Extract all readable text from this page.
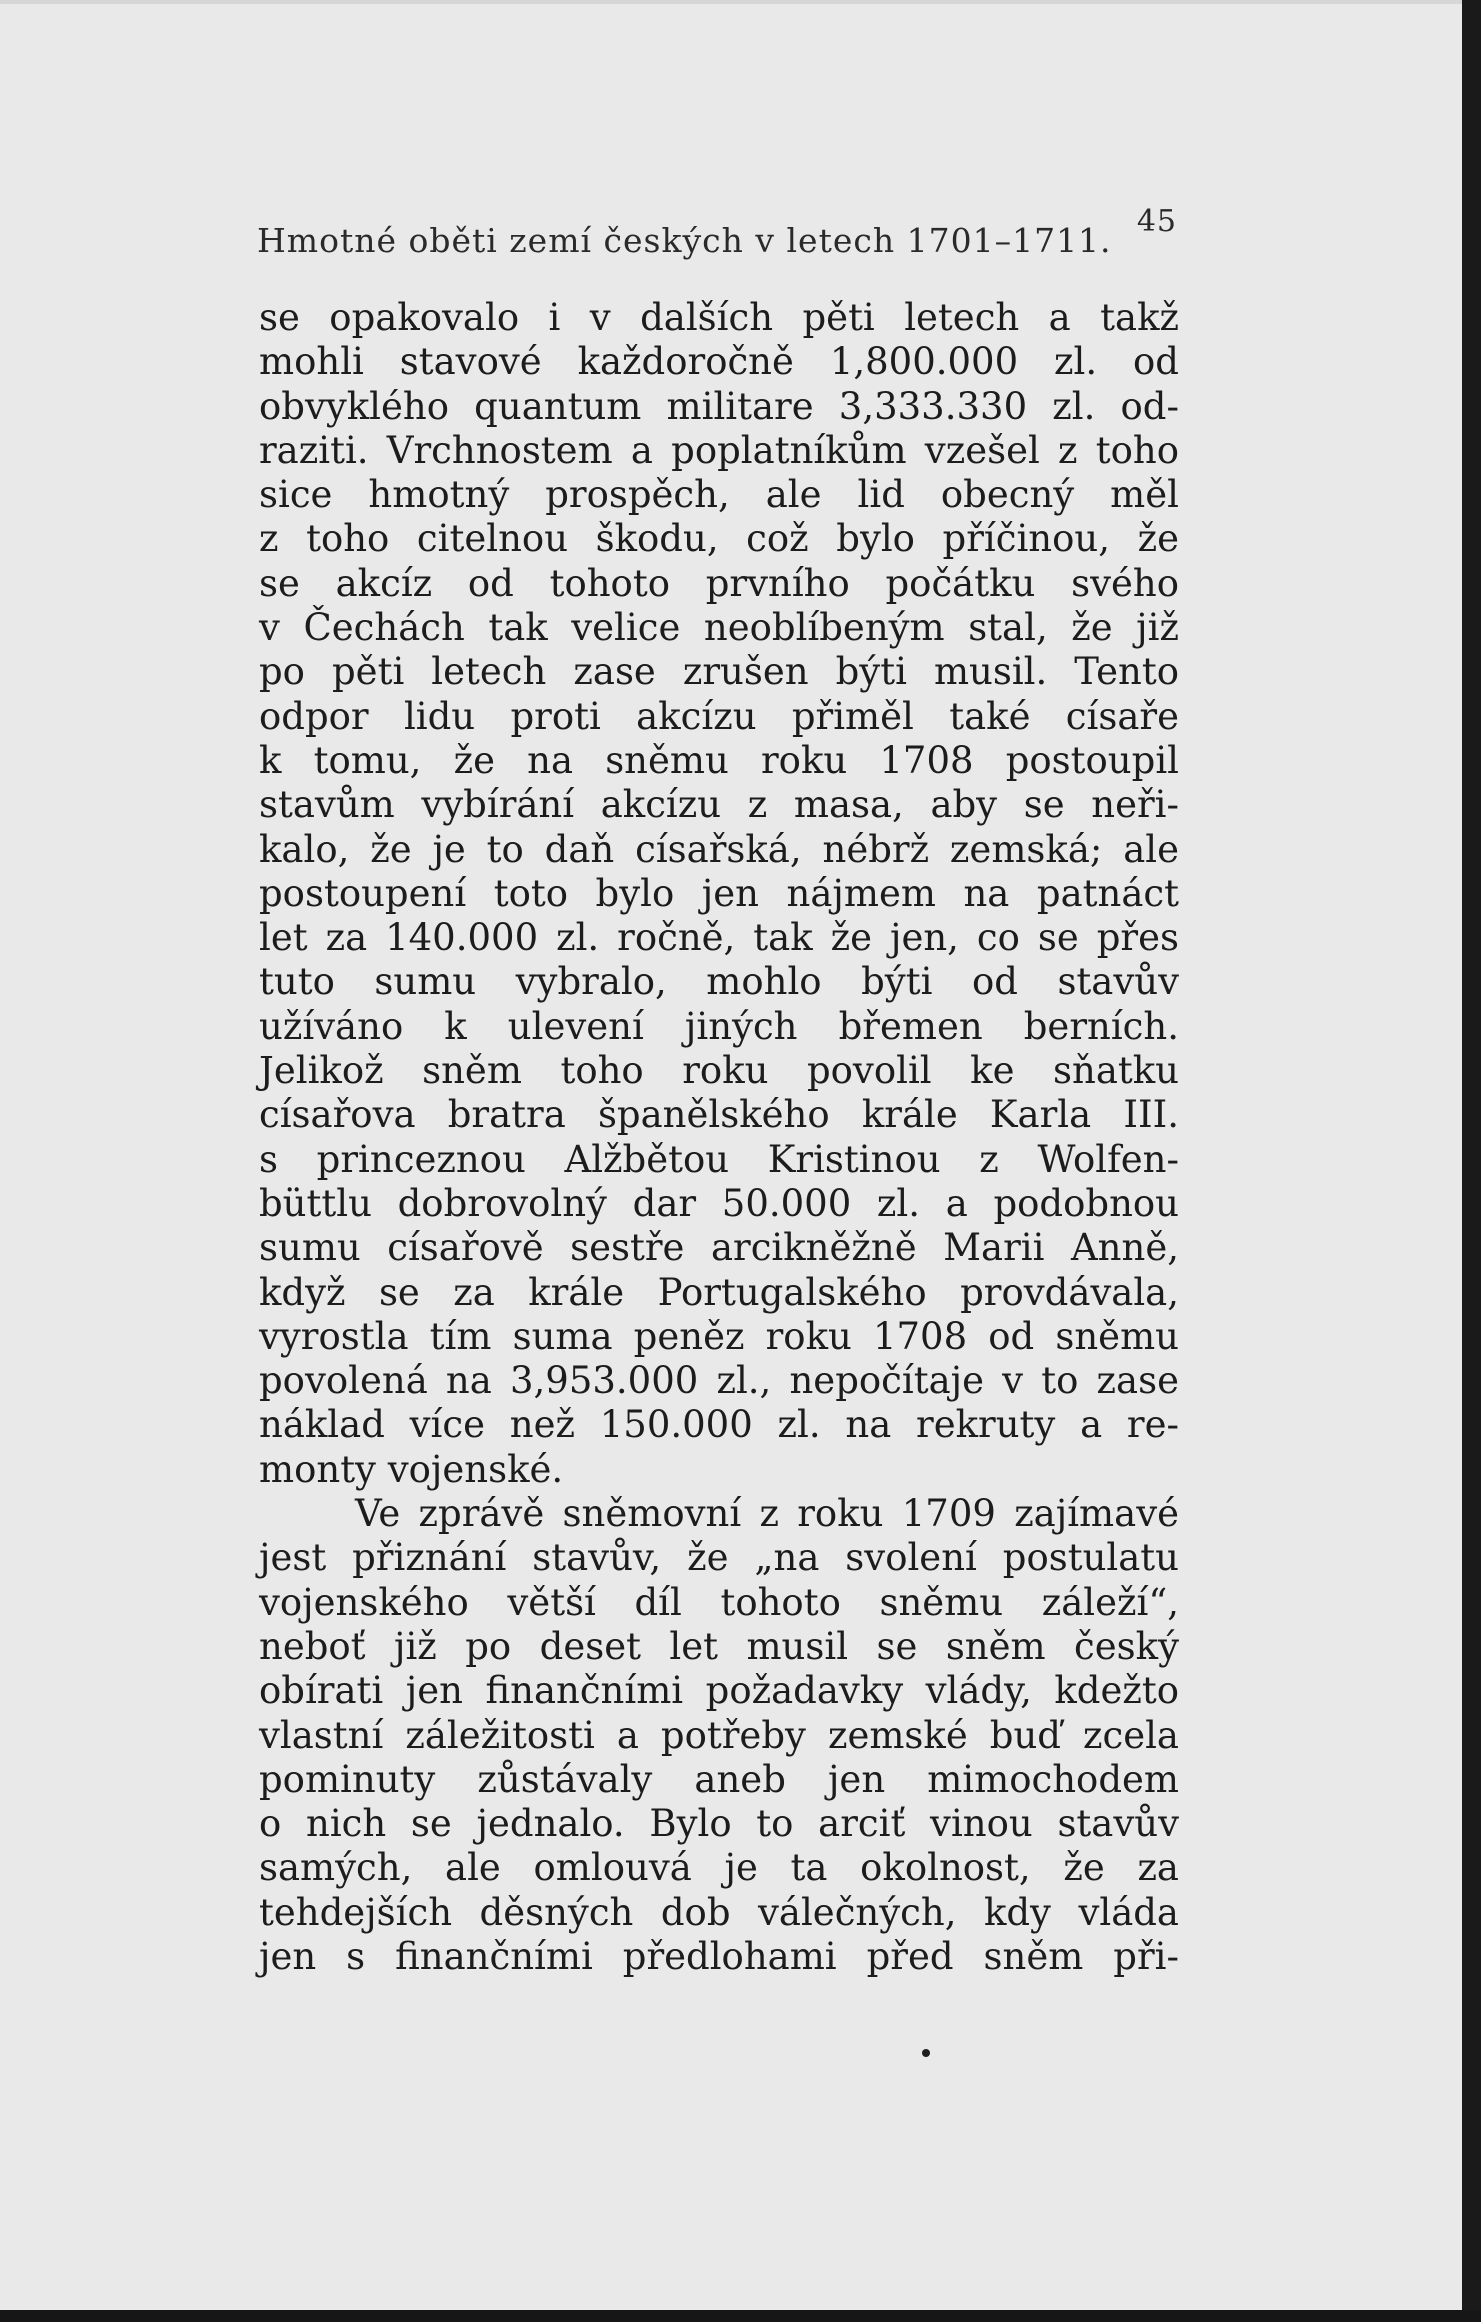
Hmotné oběti zemí českých v letech 1701–1711. 45
se opakovalo i v dalších pěti letech a takž
mohli stavové každoročně 1,800.000 zl. od
obvyklého quantum militare 3,333.330 zl. od-
raziti. Vrchnostem a poplatníkům vzešel z toho
sice hmotný prospěch, ale lid obecný měl
z toho citelnou škodu, což bylo příčinou, že
se akcíz od tohoto prvního počátku svého
v Čechách tak velice neoblíbeným stal, že již
po pěti letech zase zrušen býti musil. Tento
odpor lidu proti akcízu přiměl také císaře
k tomu, že na sněmu roku 1708 postoupil
stavům vybírání akcízu z masa, aby se neři-
kalo, že je to daň císařská, nébrž zemská; ale
postoupení toto bylo jen nájmem na patnáct
let za 140.000 zl. ročně, tak že jen, co se přes
tuto sumu vybralo, mohlo býti od stavův
užíváno k ulevení jiných břemen berních.
Jelikož sněm toho roku povolil ke sňatku
císařova bratra španělského krále Karla III.
s princeznou Alžbětou Kristinou z Wolfen-
büttlu dobrovolný dar 50.000 zl. a podobnou
sumu císařově sestře arcikněžně Marii Anně,
když se za krále Portugalského provdávala,
vyrostla tím suma peněz roku 1708 od sněmu
povolená na 3,953.000 zl., nepočítaje v to zase
náklad více než 150.000 zl. na rekruty a re-
monty vojenské.
Ve zprávě sněmovní z roku 1709 zajímavé
jest přiznání stavův, že „na svolení postulatu
vojenského větší díl tohoto sněmu záleží“,
neboť již po deset let musil se sněm český
obírati jen finančními požadavky vlády, kdežto
vlastní záležitosti a potřeby zemské buď zcela
pominuty zůstávaly aneb jen mimochodem
o nich se jednalo. Bylo to arciť vinou stavův
samých, ale omlouvá je ta okolnost, že za
tehdejších děsných dob válečných, kdy vláda
jen s finančními předlohami před sněm při-
